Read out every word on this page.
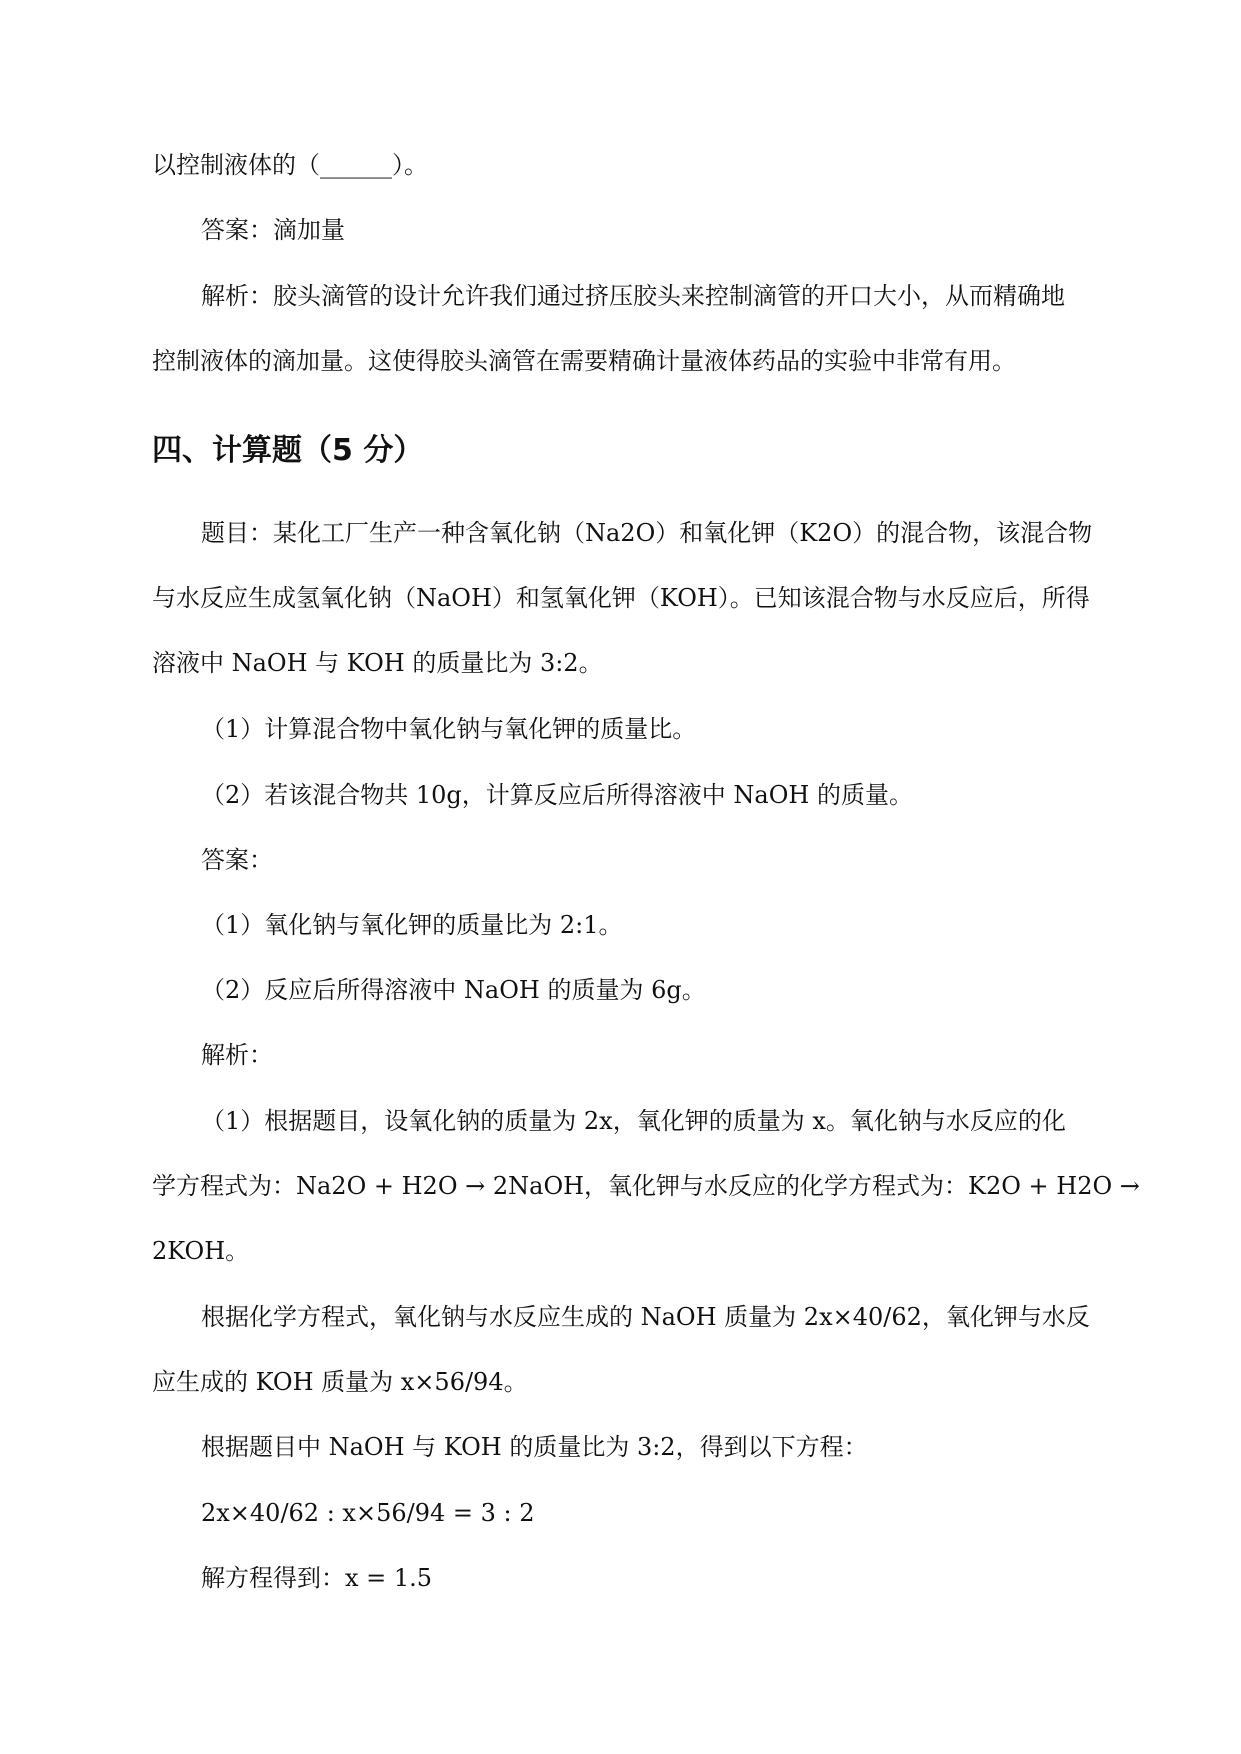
以控制液体的（______）。
答案：滴加量
解析：胶头滴管的设计允许我们通过挤压胶头来控制滴管的开口大小，从而精确地
控制液体的滴加量。这使得胶头滴管在需要精确计量液体药品的实验中非常有用。
四、计算题（5 分）
题目：某化工厂生产一种含氧化钠（Na2O）和氧化钾（K2O）的混合物，该混合物
与水反应生成氢氧化钠（NaOH）和氢氧化钾（KOH）。已知该混合物与水反应后，所得
溶液中 NaOH 与 KOH 的质量比为 3:2。
（1）计算混合物中氧化钠与氧化钾的质量比。
（2）若该混合物共 10g，计算反应后所得溶液中 NaOH 的质量。
答案：
（1）氧化钠与氧化钾的质量比为 2:1。
（2）反应后所得溶液中 NaOH 的质量为 6g。
解析：
（1）根据题目，设氧化钠的质量为 2x，氧化钾的质量为 x。氧化钠与水反应的化
学方程式为：Na2O + H2O → 2NaOH，氧化钾与水反应的化学方程式为：K2O + H2O →
2KOH。
根据化学方程式，氧化钠与水反应生成的 NaOH 质量为 2x×40/62，氧化钾与水反
应生成的 KOH 质量为 x×56/94。
根据题目中 NaOH 与 KOH 的质量比为 3:2，得到以下方程：
2x×40/62 : x×56/94 = 3 : 2
解方程得到：x = 1.5
